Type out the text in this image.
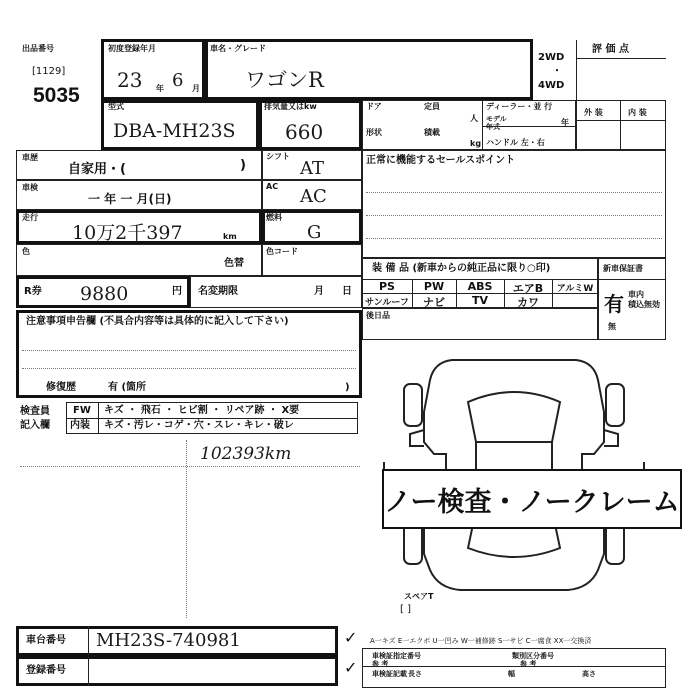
出品番号
[1129]
5035
初度登録年月
23 年 6 月
車名・グレード
ワゴンR
2WD
・
4WD
評 価 点
型式
DBA-MH23S
排気量又はkw
660
ドア	定員
人
形状	積載
kg
ディーラー・並 行
モデル
年式	年
ハンドル 左・右
外 装	内 装
車歴
自家用・(	)
シフト
AT	正常に機能するセールスポイント
車検
一 年 一 月(日)
AC AC
走行
10万2千397	km
燃料
G
色
色替
色コード
装 備 品 (新車からの純正品に限り○印)
PS	PW	ABS	エアB	アルミW
サンルーフ	ナビ	TV	カワ
後日品
新車保証書
有 車内
積込無効
無
R券 9880	円 名変期限	月 日
注意事項申告欄 (不具合内容等は具体的に記入して下さい)
修復歴	有 (箇所	)
検査員
記入欄
FW キズ ・ 飛石 ・ ヒビ割 ・ リペア跡 ・ X要
内装 キズ・汚レ・コゲ・穴・スレ・キレ・破レ
102393km
ノー検査・ノークレーム
スペアT
[ ]
A一キズ E一エクボ U一凹み W一補修跡 S一サビ C一腐食 XX一交換済
車台番号 MH23S-740981	✓
登録番号	✓
車検証指定番号	類別区分番号
参 考	参 考
車検証記載 長さ	幅	高さ
